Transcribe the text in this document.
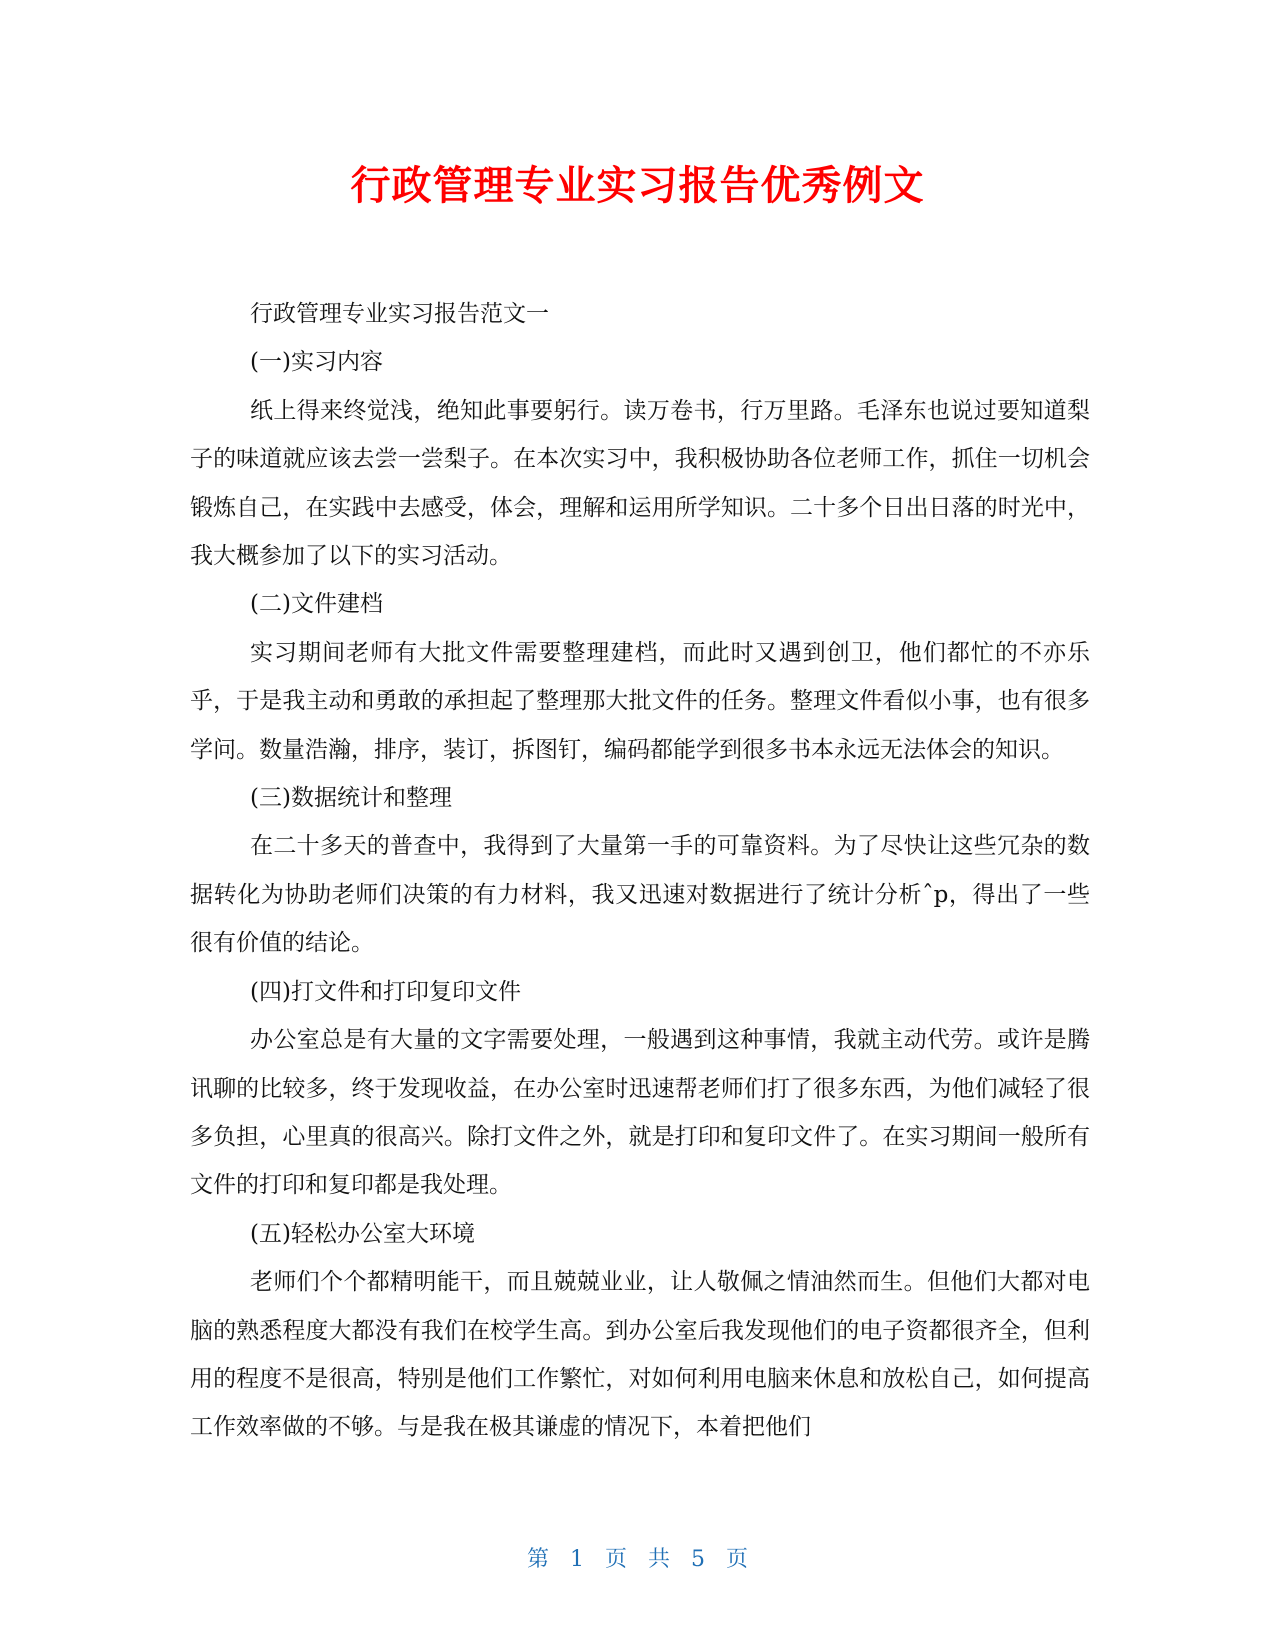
行政管理专业实习报告优秀例文

行政管理专业实习报告范文一

(一)实习内容

纸上得来终觉浅，绝知此事要躬行。读万卷书，行万里路。毛泽东也说过要知道梨子的味道就应该去尝一尝梨子。在本次实习中，我积极协助各位老师工作，抓住一切机会锻炼自己，在实践中去感受，体会，理解和运用所学知识。二十多个日出日落的时光中，我大概参加了以下的实习活动。

(二)文件建档

实习期间老师有大批文件需要整理建档，而此时又遇到创卫，他们都忙的不亦乐乎，于是我主动和勇敢的承担起了整理那大批文件的任务。整理文件看似小事，也有很多学问。数量浩瀚，排序，装订，拆图钉，编码都能学到很多书本永远无法体会的知识。

(三)数据统计和整理

在二十多天的普查中，我得到了大量第一手的可靠资料。为了尽快让这些冗杂的数据转化为协助老师们决策的有力材料，我又迅速对数据进行了统计分析ˆp，得出了一些很有价值的结论。

(四)打文件和打印复印文件

办公室总是有大量的文字需要处理，一般遇到这种事情，我就主动代劳。或许是腾讯聊的比较多，终于发现收益，在办公室时迅速帮老师们打了很多东西，为他们减轻了很多负担，心里真的很高兴。除打文件之外，就是打印和复印文件了。在实习期间一般所有文件的打印和复印都是我处理。

(五)轻松办公室大环境

老师们个个都精明能干，而且兢兢业业，让人敬佩之情油然而生。但他们大都对电脑的熟悉程度大都没有我们在校学生高。到办公室后我发现他们的电子资都很齐全，但利用的程度不是很高，特别是他们工作繁忙，对如何利用电脑来休息和放松自己，如何提高工作效率做的不够。与是我在极其谦虚的情况下，本着把他们

第 1 页 共 5 页
